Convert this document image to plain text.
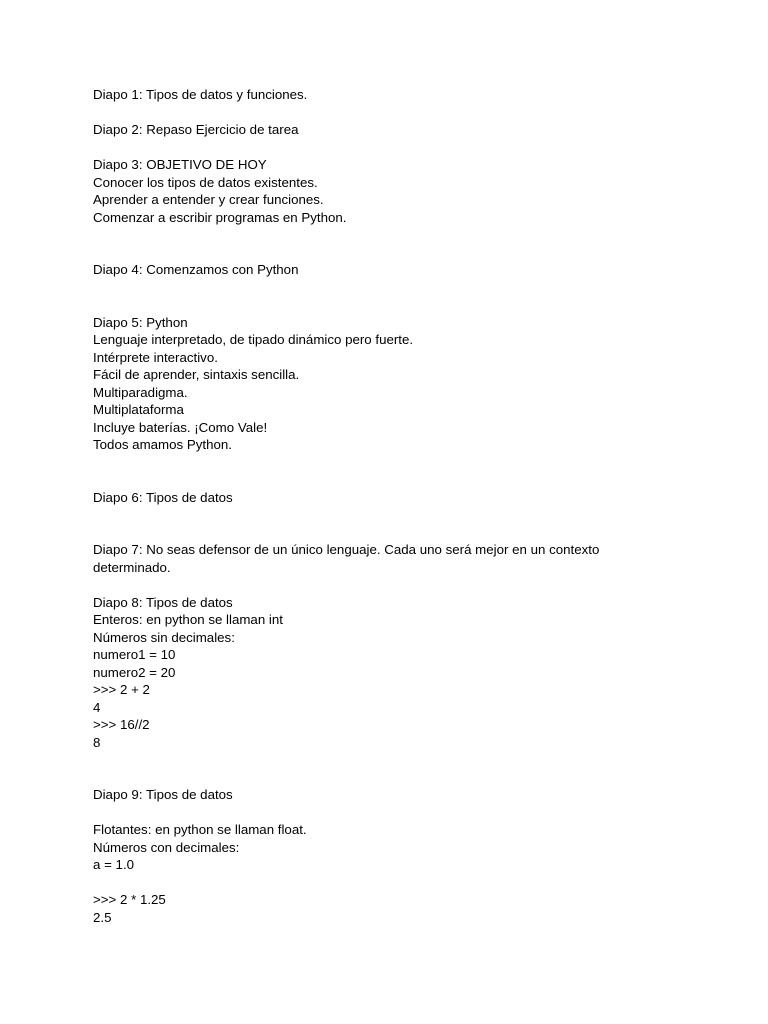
Diapo 1: Tipos de datos y funciones.
Diapo 2: Repaso Ejercicio de tarea
Diapo 3: OBJETIVO DE HOY
Conocer los tipos de datos existentes.
Aprender a entender y crear funciones.
Comenzar a escribir programas en Python.
Diapo 4: Comenzamos con Python
Diapo 5: Python
Lenguaje interpretado, de tipado dinámico pero fuerte.
Intérprete interactivo.
Fácil de aprender, sintaxis sencilla.
Multiparadigma.
Multiplataforma
Incluye baterías. ¡Como Vale!
Todos amamos Python.
Diapo 6: Tipos de datos
Diapo 7: No seas defensor de un único lenguaje. Cada uno será mejor en un contexto
determinado.
Diapo 8: Tipos de datos
Enteros: en python se llaman int
Números sin decimales:
numero1 = 10
numero2 = 20
>>> 2 + 2
4
>>> 16//2
8
Diapo 9: Tipos de datos
Flotantes: en python se llaman float.
Números con decimales:
a = 1.0
>>> 2 * 1.25
2.5
